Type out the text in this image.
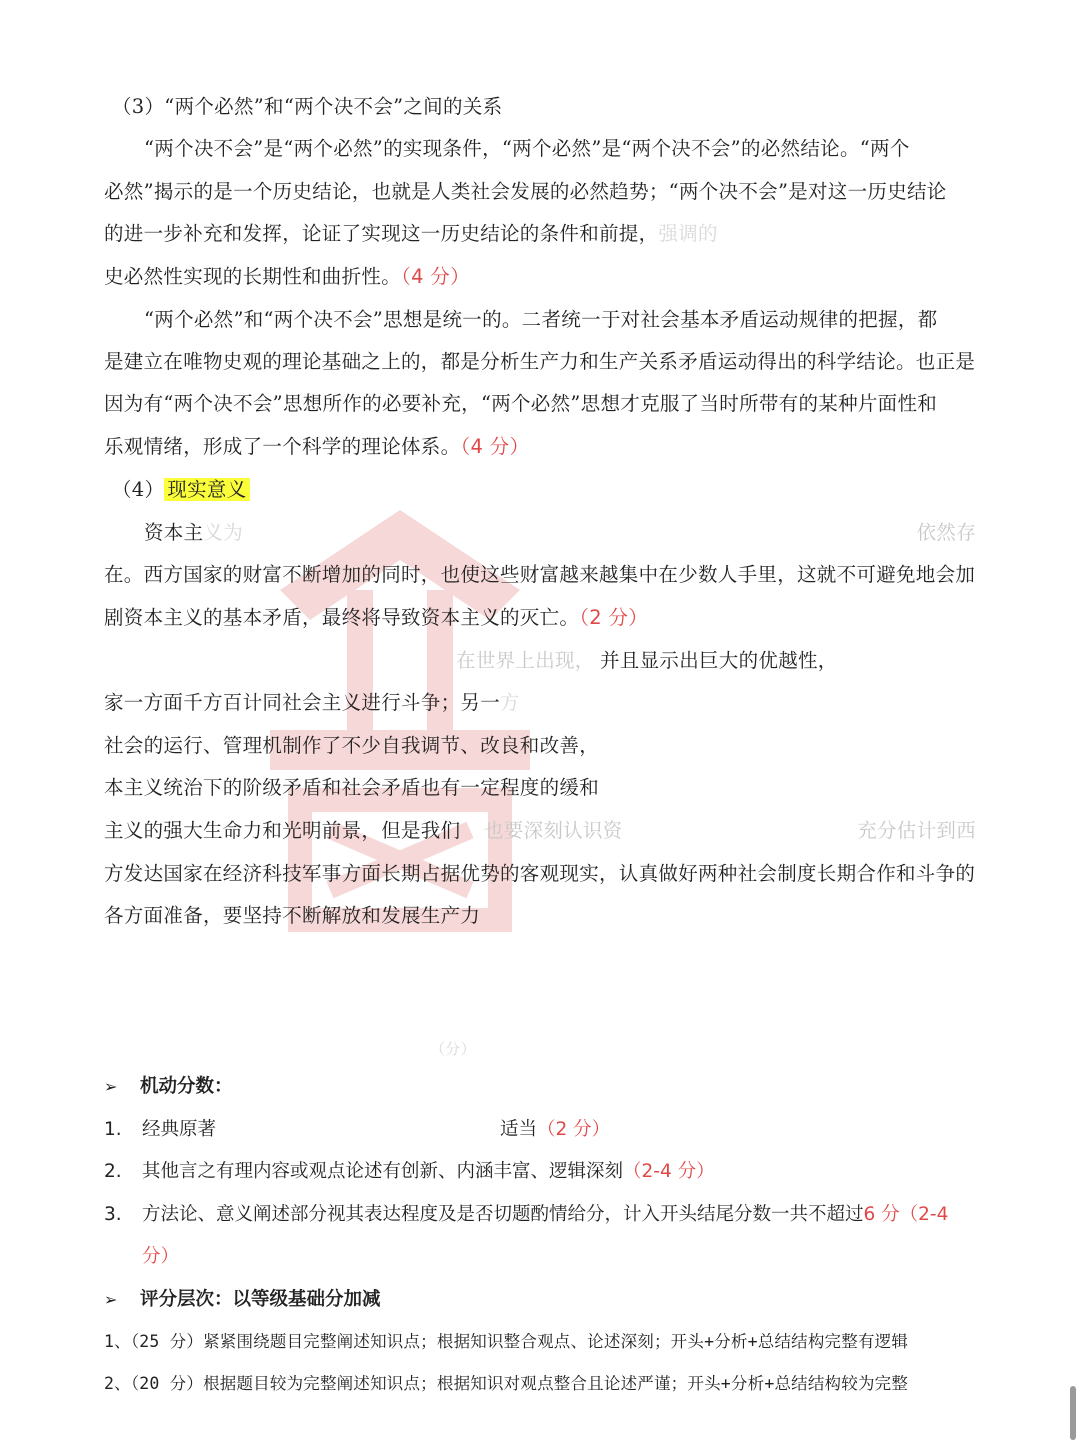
（3）“两个必然”和“两个决不会”之间的关系
“两个决不会”是“两个必然”的实现条件，“两个必然”是“两个决不会”的必然结论。“两个
必然”揭示的是一个历史结论，也就是人类社会发展的必然趋势；“两个决不会”是对这一历史结论
的进一步补充和发挥，论证了实现这一历史结论的条件和前提，强调的
史必然性实现的长期性和曲折性。（4 分）
“两个必然”和“两个决不会”思想是统一的。二者统一于对社会基本矛盾运动规律的把握，都
是建立在唯物史观的理论基础之上的，都是分析生产力和生产关系矛盾运动得出的科学结论。也正是
因为有“两个决不会”思想所作的必要补充，“两个必然”思想才克服了当时所带有的某种片面性和
乐观情绪，形成了一个科学的理论体系。（4 分）
（4） 现实意义
资本主义为	依然存
在。西方国家的财富不断增加的同时，也使这些财富越来越集中在少数人手里，这就不可避免地会加
剧资本主义的基本矛盾，最终将导致资本主义的灭亡。（2 分）
在世界上出现， 并且显示出巨大的优越性，
家一方面千方百计同社会主义进行斗争；另一方
社会的运行、管理机制作了不少自我调节、改良和改善，
本主义统治下的阶级矛盾和社会矛盾也有一定程度的缓和
主义的强大生命力和光明前景，但是我们 也要深刻认识资	充分估计到西
方发达国家在经济科技军事方面长期占据优势的客观现实，认真做好两种社会制度长期合作和斗争的
各方面准备，要坚持不断解放和发展生产力
（分）
➢ 机动分数：
1. 经典原著	适当（2 分）
2. 其他言之有理内容或观点论述有创新、内涵丰富、逻辑深刻（2-4 分）
3. 方法论、意义阐述部分视其表达程度及是否切题酌情给分，计入开头结尾分数一共不超过6 分（2-4
分）
➢ 评分层次：以等级基础分加减
1、（25 分）紧紧围绕题目完整阐述知识点；根据知识整合观点、论述深刻；开头+分析+总结结构完整有逻辑
2、（20 分）根据题目较为完整阐述知识点；根据知识对观点整合且论述严谨；开头+分析+总结结构较为完整
